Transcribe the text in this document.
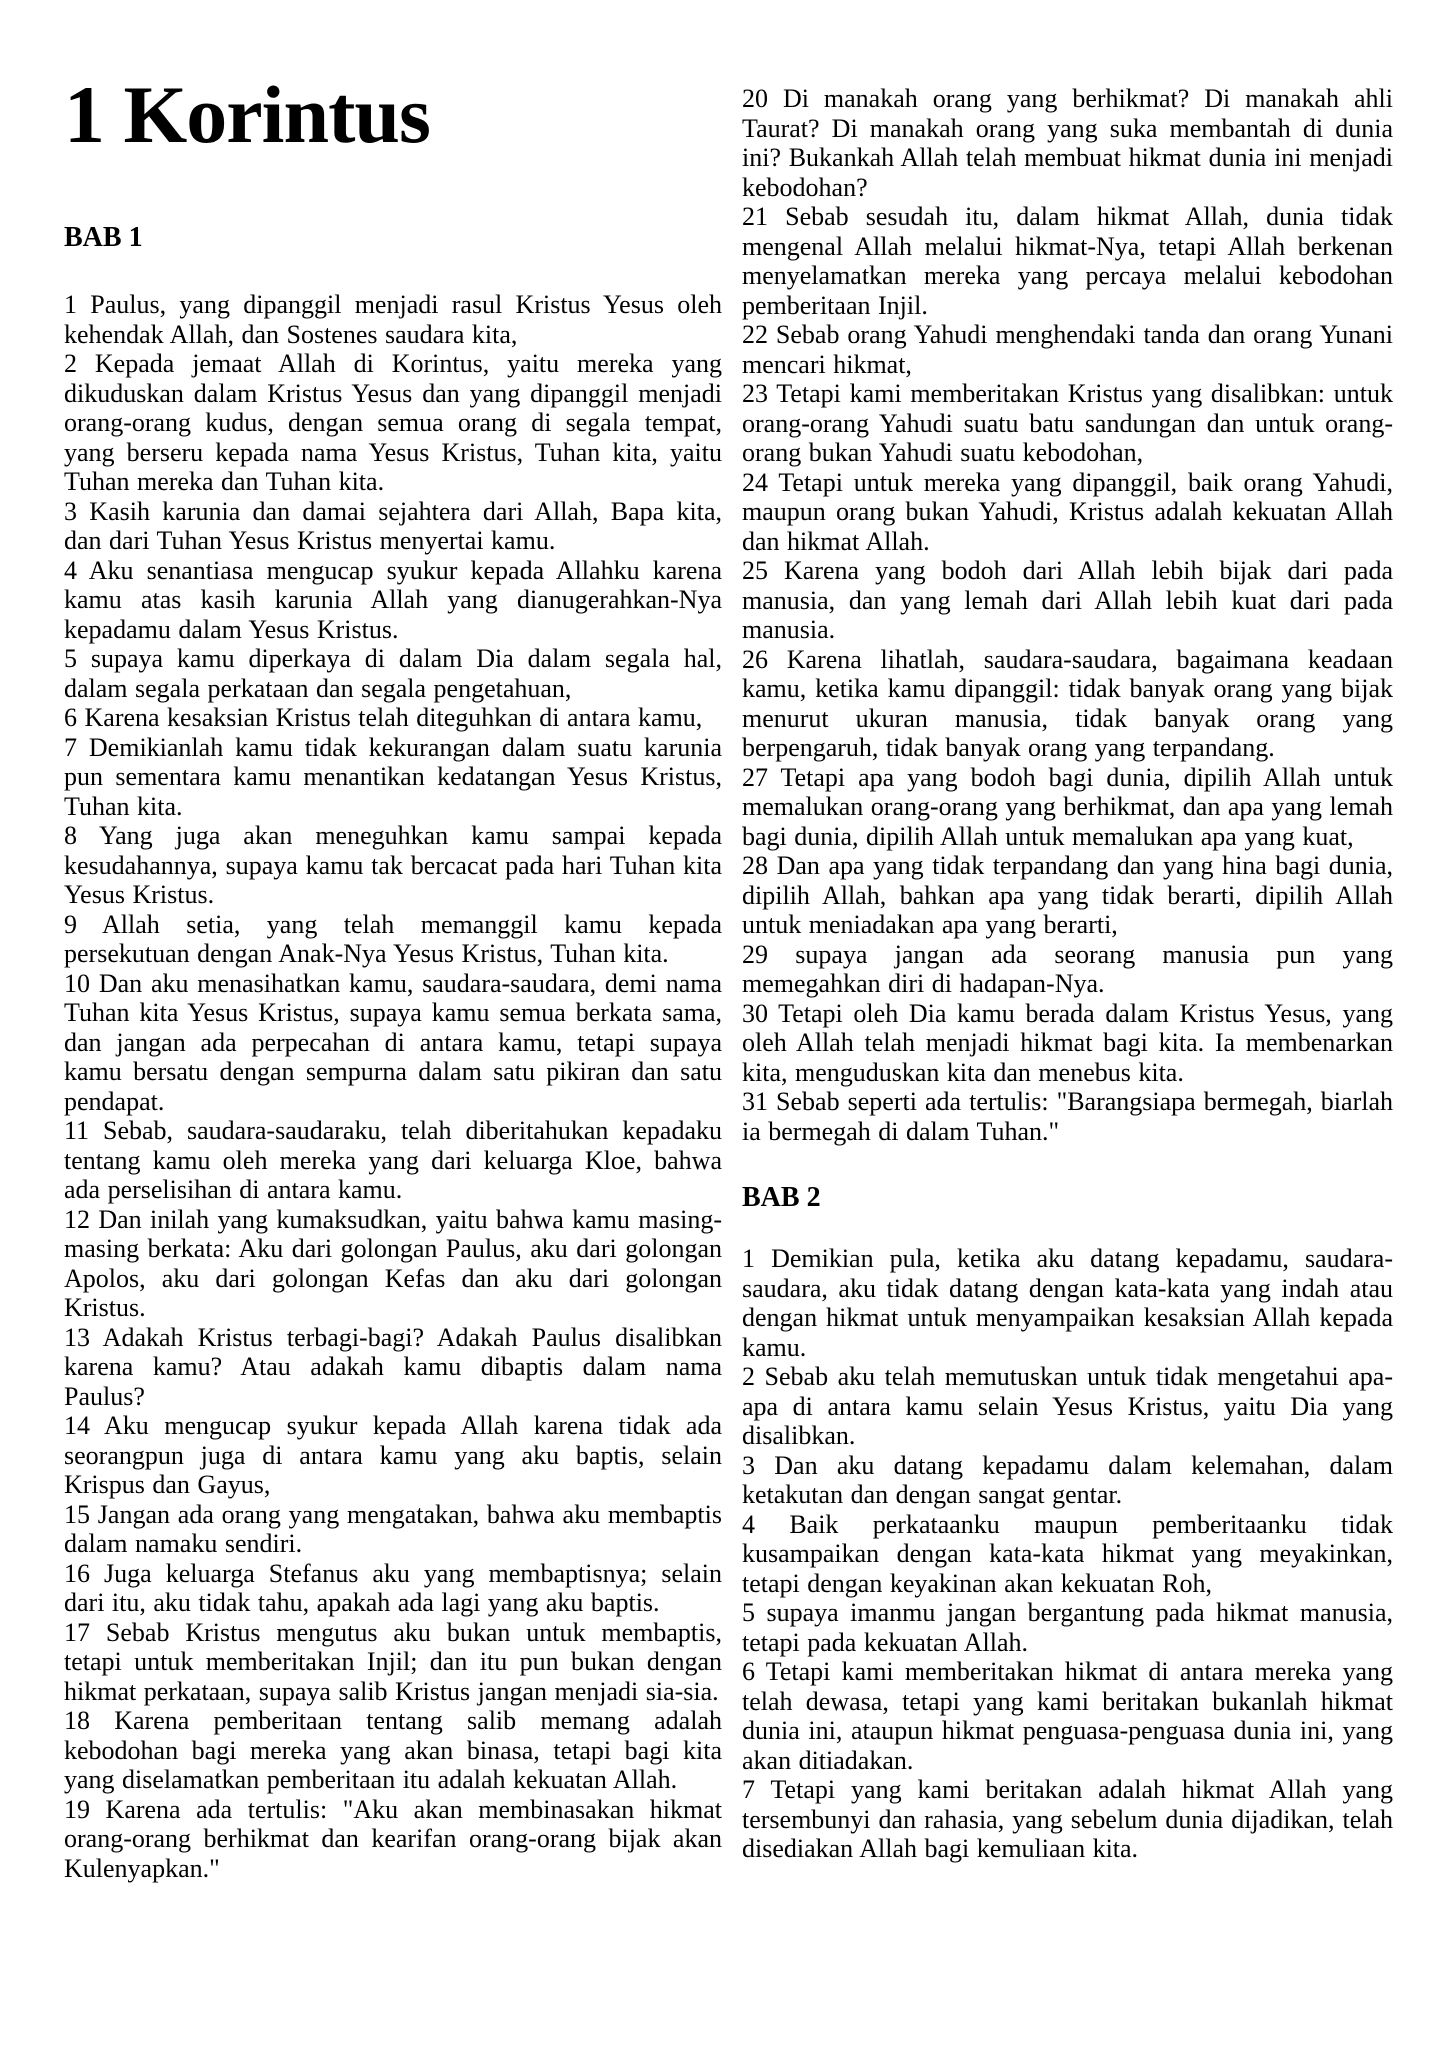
1 Korintus
BAB 1

1 Paulus, yang dipanggil menjadi rasul Kristus Yesus oleh kehendak Allah, dan Sostenes saudara kita,

2 Kepada jemaat Allah di Korintus, yaitu mereka yang dikuduskan dalam Kristus Yesus dan yang dipanggil menjadi orang-orang kudus, dengan semua orang di segala tempat, yang berseru kepada nama Yesus Kristus, Tuhan kita, yaitu Tuhan mereka dan Tuhan kita.

3 Kasih karunia dan damai sejahtera dari Allah, Bapa kita, dan dari Tuhan Yesus Kristus menyertai kamu.

4 Aku senantiasa mengucap syukur kepada Allahku karena kamu atas kasih karunia Allah yang dianugerahkan-Nya kepadamu dalam Yesus Kristus.

5 supaya kamu diperkaya di dalam Dia dalam segala hal, dalam segala perkataan dan segala pengetahuan,

6 Karena kesaksian Kristus telah diteguhkan di antara kamu,

7 Demikianlah kamu tidak kekurangan dalam suatu karunia pun sementara kamu menantikan kedatangan Yesus Kristus, Tuhan kita.

8 Yang juga akan meneguhkan kamu sampai kepada kesudahannya, supaya kamu tak bercacat pada hari Tuhan kita Yesus Kristus.

9 Allah setia, yang telah memanggil kamu kepada persekutuan dengan Anak-Nya Yesus Kristus, Tuhan kita.

10 Dan aku menasihatkan kamu, saudara-saudara, demi nama Tuhan kita Yesus Kristus, supaya kamu semua berkata sama, dan jangan ada perpecahan di antara kamu, tetapi supaya kamu bersatu dengan sempurna dalam satu pikiran dan satu pendapat.

11 Sebab, saudara-saudaraku, telah diberitahukan kepadaku tentang kamu oleh mereka yang dari keluarga Kloe, bahwa ada perselisihan di antara kamu.

12 Dan inilah yang kumaksudkan, yaitu bahwa kamu masing-masing berkata: Aku dari golongan Paulus, aku dari golongan Apolos, aku dari golongan Kefas dan aku dari golongan Kristus.

13 Adakah Kristus terbagi-bagi? Adakah Paulus disalibkan karena kamu? Atau adakah kamu dibaptis dalam nama Paulus?

14 Aku mengucap syukur kepada Allah karena tidak ada seorangpun juga di antara kamu yang aku baptis, selain Krispus dan Gayus,

15 Jangan ada orang yang mengatakan, bahwa aku membaptis dalam namaku sendiri.

16 Juga keluarga Stefanus aku yang membaptisnya; selain dari itu, aku tidak tahu, apakah ada lagi yang aku baptis.

17 Sebab Kristus mengutus aku bukan untuk membaptis, tetapi untuk memberitakan Injil; dan itu pun bukan dengan hikmat perkataan, supaya salib Kristus jangan menjadi sia-sia.

18 Karena pemberitaan tentang salib memang adalah kebodohan bagi mereka yang akan binasa, tetapi bagi kita yang diselamatkan pemberitaan itu adalah kekuatan Allah.

19 Karena ada tertulis: "Aku akan membinasakan hikmat orang-orang berhikmat dan kearifan orang-orang bijak akan Kulenyapkan."

20 Di manakah orang yang berhikmat? Di manakah ahli Taurat? Di manakah orang yang suka membantah di dunia ini? Bukankah Allah telah membuat hikmat dunia ini menjadi kebodohan?

21 Sebab sesudah itu, dalam hikmat Allah, dunia tidak mengenal Allah melalui hikmat-Nya, tetapi Allah berkenan menyelamatkan mereka yang percaya melalui kebodohan pemberitaan Injil.

22 Sebab orang Yahudi menghendaki tanda dan orang Yunani mencari hikmat,

23 Tetapi kami memberitakan Kristus yang disalibkan: untuk orang-orang Yahudi suatu batu sandungan dan untuk orang-orang bukan Yahudi suatu kebodohan,

24 Tetapi untuk mereka yang dipanggil, baik orang Yahudi, maupun orang bukan Yahudi, Kristus adalah kekuatan Allah dan hikmat Allah.

25 Karena yang bodoh dari Allah lebih bijak dari pada manusia, dan yang lemah dari Allah lebih kuat dari pada manusia.

26 Karena lihatlah, saudara-saudara, bagaimana keadaan kamu, ketika kamu dipanggil: tidak banyak orang yang bijak menurut ukuran manusia, tidak banyak orang yang berpengaruh, tidak banyak orang yang terpandang.

27 Tetapi apa yang bodoh bagi dunia, dipilih Allah untuk memalukan orang-orang yang berhikmat, dan apa yang lemah bagi dunia, dipilih Allah untuk memalukan apa yang kuat,

28 Dan apa yang tidak terpandang dan yang hina bagi dunia, dipilih Allah, bahkan apa yang tidak berarti, dipilih Allah untuk meniadakan apa yang berarti,

29 supaya jangan ada seorang manusia pun yang memegahkan diri di hadapan-Nya.

30 Tetapi oleh Dia kamu berada dalam Kristus Yesus, yang oleh Allah telah menjadi hikmat bagi kita. Ia membenarkan kita, menguduskan kita dan menebus kita.

31 Sebab seperti ada tertulis: "Barangsiapa bermegah, biarlah ia bermegah di dalam Tuhan."

BAB 2

1 Demikian pula, ketika aku datang kepadamu, saudara-saudara, aku tidak datang dengan kata-kata yang indah atau dengan hikmat untuk menyampaikan kesaksian Allah kepada kamu.

2 Sebab aku telah memutuskan untuk tidak mengetahui apa-apa di antara kamu selain Yesus Kristus, yaitu Dia yang disalibkan.

3 Dan aku datang kepadamu dalam kelemahan, dalam ketakutan dan dengan sangat gentar.

4 Baik perkataanku maupun pemberitaanku tidak kusampaikan dengan kata-kata hikmat yang meyakinkan, tetapi dengan keyakinan akan kekuatan Roh,

5 supaya imanmu jangan bergantung pada hikmat manusia, tetapi pada kekuatan Allah.

6 Tetapi kami memberitakan hikmat di antara mereka yang telah dewasa, tetapi yang kami beritakan bukanlah hikmat dunia ini, ataupun hikmat penguasa-penguasa dunia ini, yang akan ditiadakan.

7 Tetapi yang kami beritakan adalah hikmat Allah yang tersembunyi dan rahasia, yang sebelum dunia dijadikan, telah disediakan Allah bagi kemuliaan kita.
